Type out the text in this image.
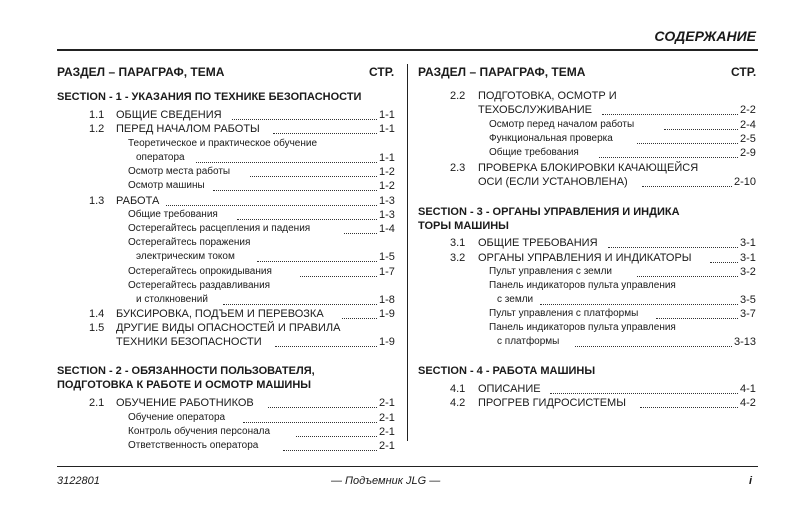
СОДЕРЖАНИЕ
РАЗДЕЛ – ПАРАГРАФ, ТЕМА	СТР.
SECTION - 1 - УКАЗАНИЯ ПО ТЕХНИКЕ БЕЗОПАСНОСТИ
1.1 ОБЩИЕ СВЕДЕНИЯ	1-1
1.2 ПЕРЕД НАЧАЛОМ РАБОТЫ	1-1
Теоретическое и практическое обучение
оператора	1-1
Осмотр места работы	1-2
Осмотр машины	1-2
1.3 РАБОТА	1-3
Общие требования	1-3
Остерегайтесь расцепления и падения	1-4
Остерегайтесь поражения
электрическим током	1-5
Остерегайтесь опрокидывания	1-7
Остерегайтесь раздавливания
и столкновений	1-8
1.4 БУКСИРОВКА, ПОДЪЕМ И ПЕРЕВОЗКА	1-9
1.5 ДРУГИЕ ВИДЫ ОПАСНОСТЕЙ И ПРАВИЛА
ТЕХНИКИ БЕЗОПАСНОСТИ	1-9
SECTION - 2 - ОБЯЗАННОСТИ ПОЛЬЗОВАТЕЛЯ,
ПОДГОТОВКА К РАБОТЕ И ОСМОТР МАШИНЫ
2.1 ОБУЧЕНИЕ РАБОТНИКОВ	2-1
Обучение оператора	2-1
Контроль обучения персонала	2-1
Ответственность оператора	2-1
РАЗДЕЛ – ПАРАГРАФ, ТЕМА	СТР.
2.2 ПОДГОТОВКА, ОСМОТР И
ТЕХОБСЛУЖИВАНИЕ	2-2
Осмотр перед началом работы	2-4
Функциональная проверка	2-5
Общие требования	2-9
2.3 ПРОВЕРКА БЛОКИРОВКИ КАЧАЮЩЕЙСЯ
ОСИ (ЕСЛИ УСТАНОВЛЕНА)	2-10
SECTION - 3 - ОРГАНЫ УПРАВЛЕНИЯ И ИНДИКА
ТОРЫ МАШИНЫ
3.1 ОБЩИЕ ТРЕБОВАНИЯ	3-1
3.2 ОРГАНЫ УПРАВЛЕНИЯ И ИНДИКАТОРЫ	3-1
Пульт управления с земли	3-2
Панель индикаторов пульта управления
с земли	3-5
Пульт управления с платформы	3-7
Панель индикаторов пульта управления
с платформы	3-13
SECTION - 4 - РАБОТА МАШИНЫ
4.1 ОПИСАНИЕ	4-1
4.2 ПРОГРЕВ ГИДРОСИСТЕМЫ	4-2
3122801	— Подъемник JLG —	i
